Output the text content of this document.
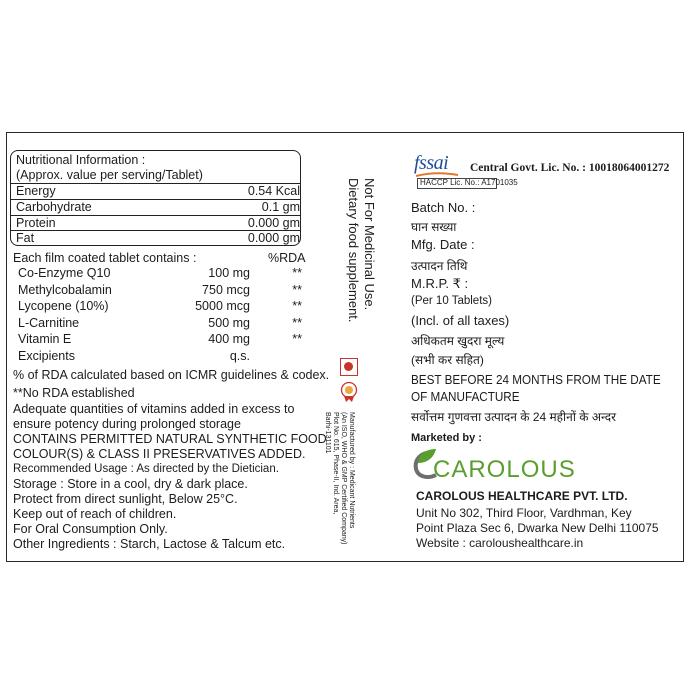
Nutritional Information :
(Approx. value per serving/Tablet)
Energy	0.54 Kcal
Carbohydrate	0.1 gm
Protein	0.000 gm
Fat	0.000 gm
Each film coated tablet contains :	%RDA
Co-Enzyme Q10	100 mg	**
Methylcobalamin	750 mcg	**
Lycopene (10%)	5000 mcg	**
L-Carnitine	500 mg	**
Vitamin E	400 mg	**
Excipients	q.s.
% of RDA calculated based on ICMR guidelines & codex.
**No RDA established
Adequate quantities of vitamins added in excess to
ensure potency during prolonged storage
CONTAINS PERMITTED NATURAL SYNTHETIC FOOD
COLOUR(S) & CLASS II PRESERVATIVES ADDED.
Recommended Usage : As directed by the Dietician.
Storage : Store in a cool, dry & dark place.
Protect from direct sunlight, Below 25°C.
Keep out of reach of children.
For Oral Consumption Only.
Other Ingredients : Starch, Lactose & Talcum etc.
Dietary food supplement. Not For Medicinal Use.
Manufactured by : Medicant Nutrients
(An ISO, WHO & GMP Certified Company)
Plot No. 615, Phase-II, Ind. Area,
Barhi-131101
fssai Central Govt. Lic. No. : 10018064001272
HACCP Lic. No.: A1701035
Batch No. :
घान सख्या
Mfg. Date :
उत्पादन तिथि
M.R.P. ₹ :
(Per 10 Tablets)
(Incl. of all taxes)
अधिकतम खुदरा मूल्य
(सभी कर सहित)
BEST BEFORE 24 MONTHS FROM THE DATE
OF MANUFACTURE
सर्वोत्तम गुणवत्ता उत्पादन के 24 महीनों के अन्दर
Marketed by :
CAROLOUS
CAROLOUS HEALTHCARE PVT. LTD.
Unit No 302, Third Floor, Vardhman, Key
Point Plaza Sec 6, Dwarka New Delhi 110075
Website : caroloushealthcare.in
